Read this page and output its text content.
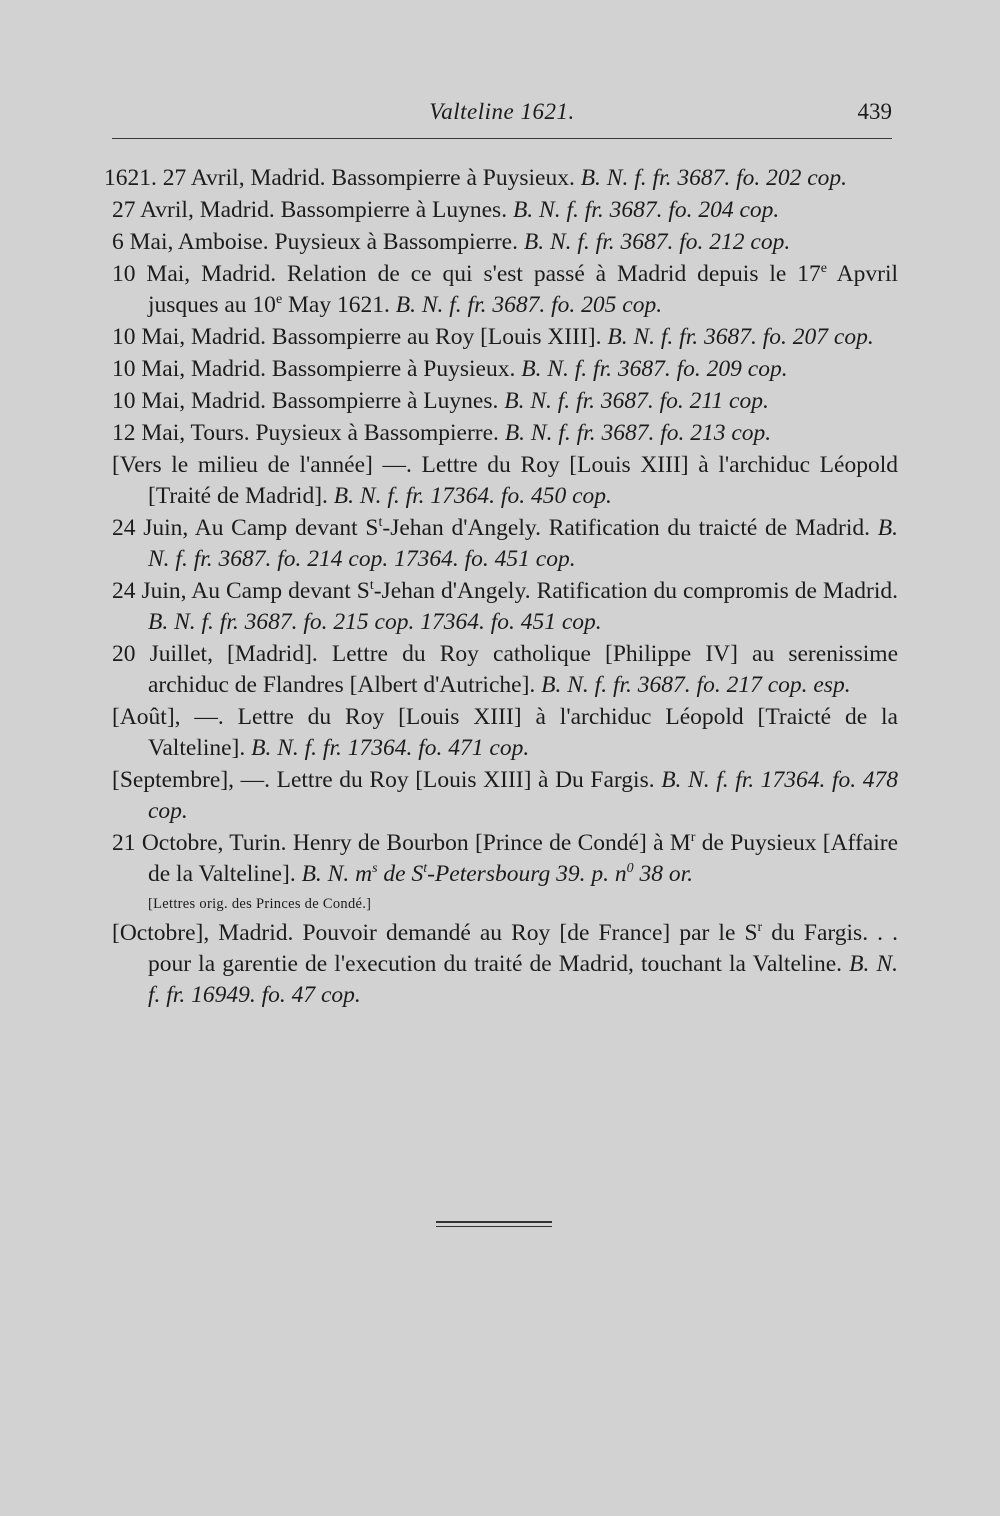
Valteline 1621.	439

1621. 27 Avril, Madrid. Bassompierre à Puysieux. B. N. f. fr. 3687. fo. 202 cop.

27 Avril, Madrid. Bassompierre à Luynes. B. N. f. fr. 3687. fo. 204 cop.

6 Mai, Amboise. Puysieux à Bassompierre. B. N. f. fr. 3687. fo. 212 cop.

10 Mai, Madrid. Relation de ce qui s'est passé à Madrid depuis le 17e Apvril jusques au 10e May 1621. B. N. f. fr. 3687. fo. 205 cop.

10 Mai, Madrid. Bassompierre au Roy [Louis XIII]. B. N. f. fr. 3687. fo. 207 cop.

10 Mai, Madrid. Bassompierre à Puysieux. B. N. f. fr. 3687. fo. 209 cop.

10 Mai, Madrid. Bassompierre à Luynes. B. N. f. fr. 3687. fo. 211 cop.

12 Mai, Tours. Puysieux à Bassompierre. B. N. f. fr. 3687. fo. 213 cop.

[Vers le milieu de l'année] —. Lettre du Roy [Louis XIII] à l'archiduc Léopold [Traité de Madrid]. B. N. f. fr. 17364. fo. 450 cop.

24 Juin, Au Camp devant $S^t$-Jehan d'Angely. Ratification du traicté de Madrid. B. N. f. fr. 3687. fo. 214 cop. 17364. fo. 451 cop.

24 Juin, Au Camp devant $S^t$-Jehan d'Angely. Ratification du compromis de Madrid. B. N. f. fr. 3687. fo. 215 cop. 17364. fo. 451 cop.

20 Juillet, [Madrid]. Lettre du Roy catholique [Philippe IV] au serenissime archiduc de Flandres [Albert d'Autriche]. B. N. f. fr. 3687. fo. 217 cop. esp.

[Août], —. Lettre du Roy [Louis XIII] à l'archiduc Léopold [Traicté de la Valteline]. B. N. f. fr. 17364. fo. 471 cop.

[Septembre], —. Lettre du Roy [Louis XIII] à Du Fargis. B. N. f. fr. 17364. fo. 478 cop.

21 Octobre, Turin. Henry de Bourbon [Prince de Condé] à $M^r$ de Puysieux [Affaire de la Valteline]. B. N. $m^s$ de $S^t$-Petersbourg 39. p. $n^0$ 38 or.

[Lettres orig. des Princes de Condé.]

[Octobre], Madrid. Pouvoir demandé au Roy [de France] par le $S^r$ du Fargis. . . pour la garentie de l'execution du traité de Madrid, touchant la Valteline. B. N. f. fr. 16949. fo. 47 cop.
